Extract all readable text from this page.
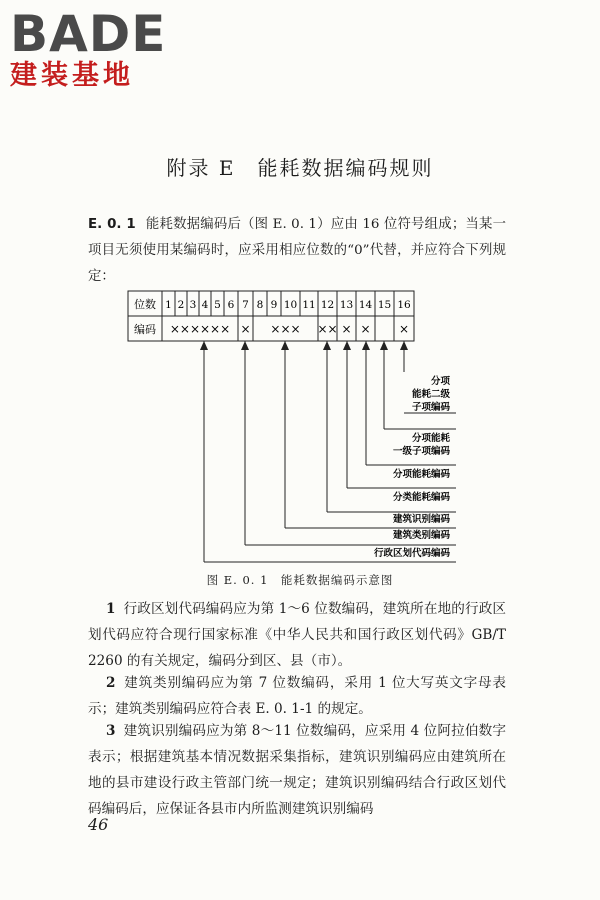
BADE
建装基地
附录 E　能耗数据编码规则
E. 0. 1 能耗数据编码后（图 E. 0. 1）应由 16 位符号组成；当某一项目无须使用某编码时，应采用相应位数的“0”代替，并应符合下列规定：
位数
编码
1 2 3 4 5 6 7 8 9 10 11 12 13 14 15 16
×××××× × ××× ×× × × ×
分项
能耗二级
子项编码
分项能耗
一级子项编码
分项能耗编码
分类能耗编码
建筑识别编码
建筑类别编码
行政区划代码编码
图 E. 0. 1　能耗数据编码示意图
1 行政区划代码编码应为第 1～6 位数编码，建筑所在地的行政区划代码应符合现行国家标准《中华人民共和国行政区划代码》GB/T 2260 的有关规定，编码分到区、县（市）。
2 建筑类别编码应为第 7 位数编码，采用 1 位大写英文字母表示；建筑类别编码应符合表 E. 0. 1-1 的规定。
3 建筑识别编码应为第 8～11 位数编码，应采用 4 位阿拉伯数字表示；根据建筑基本情况数据采集指标，建筑识别编码应由建筑所在地的县市建设行政主管部门统一规定；建筑识别编码结合行政区划代码编码后，应保证各县市内所监测建筑识别编码
46
